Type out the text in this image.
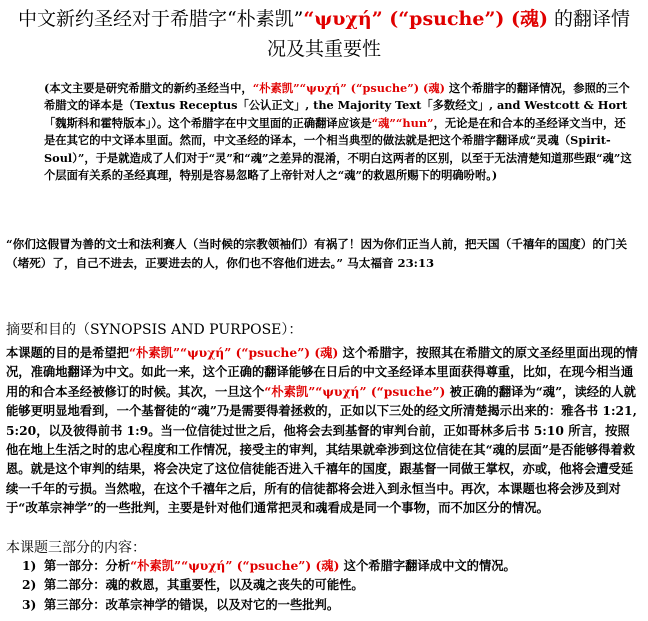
中文新约圣经对于希腊字“朴素凯”“ψυχή” (“psuche”) (魂) 的翻译情
况及其重要性

(本文主要是研究希腊文的新约圣经当中，“朴素凯”“ψυχή” (“psuche”) (魂) 这个希腊字的翻译情况，参照的三个希腊文的译本是（Textus Receptus「公认正文」, the Majority Text「多数经文」, and Westcott & Hort「魏斯科和霍特版本」）。这个希腊字在中文里面的正确翻译应该是“魂”“hun”，无论是在和合本的圣经译文当中，还是在其它的中文译本里面。然而，中文圣经的译本，一个相当典型的做法就是把这个希腊字翻译成“灵魂（Spirit-Soul）”，于是就造成了人们对于“灵”和“魂”之差异的混淆，不明白这两者的区别，以至于无法清楚知道那些跟“魂”这个层面有关系的圣经真理，特别是容易忽略了上帝针对人之“魂”的救恩所赐下的明确吩咐。)

“你们这假冒为善的文士和法利赛人（当时候的宗教领袖们）有祸了！因为你们正当人前，把天国（千禧年的国度）的门关（堵死）了，自己不进去，正要进去的人，你们也不容他们进去。” 马太福音 23:13

摘要和目的（SYNOPSIS AND PURPOSE）：

本课题的目的是希望把“朴素凯”“ψυχή” (“psuche”) (魂) 这个希腊字，按照其在希腊文的原文圣经里面出现的情况，准确地翻译为中文。如此一来，这个正确的翻译能够在日后的中文圣经译本里面获得尊重，比如，在现今相当通用的和合本圣经被修订的时候。其次，一旦这个“朴素凯”“ψυχή” (“psuche”) 被正确的翻译为“魂”，读经的人就能够更明显地看到，一个基督徒的“魂”乃是需要得着拯救的，正如以下三处的经文所清楚揭示出来的：雅各书 1:21, 5:20，以及彼得前书 1:9。当一位信徒过世之后，他将会去到基督的审判台前，正如哥林多后书 5:10 所言，按照他在地上生活之时的忠心程度和工作情况，接受主的审判，其结果就牵涉到这位信徒在其“魂的层面”是否能够得着救恩。就是这个审判的结果，将会决定了这位信徒能否进入千禧年的国度，跟基督一同做王掌权，亦或，他将会遭受延续一千年的亏损。当然啦，在这个千禧年之后，所有的信徒都将会进入到永恒当中。再次，本课题也将会涉及到对于“改革宗神学”的一些批判，主要是针对他们通常把灵和魂看成是同一个事物，而不加区分的情况。

本课题三部分的内容：
1) 第一部分：分析“朴素凯”“ψυχή” (“psuche”) (魂) 这个希腊字翻译成中文的情况。
2) 第二部分：魂的救恩，其重要性，以及魂之丧失的可能性。
3) 第三部分：改革宗神学的错误，以及对它的一些批判。
